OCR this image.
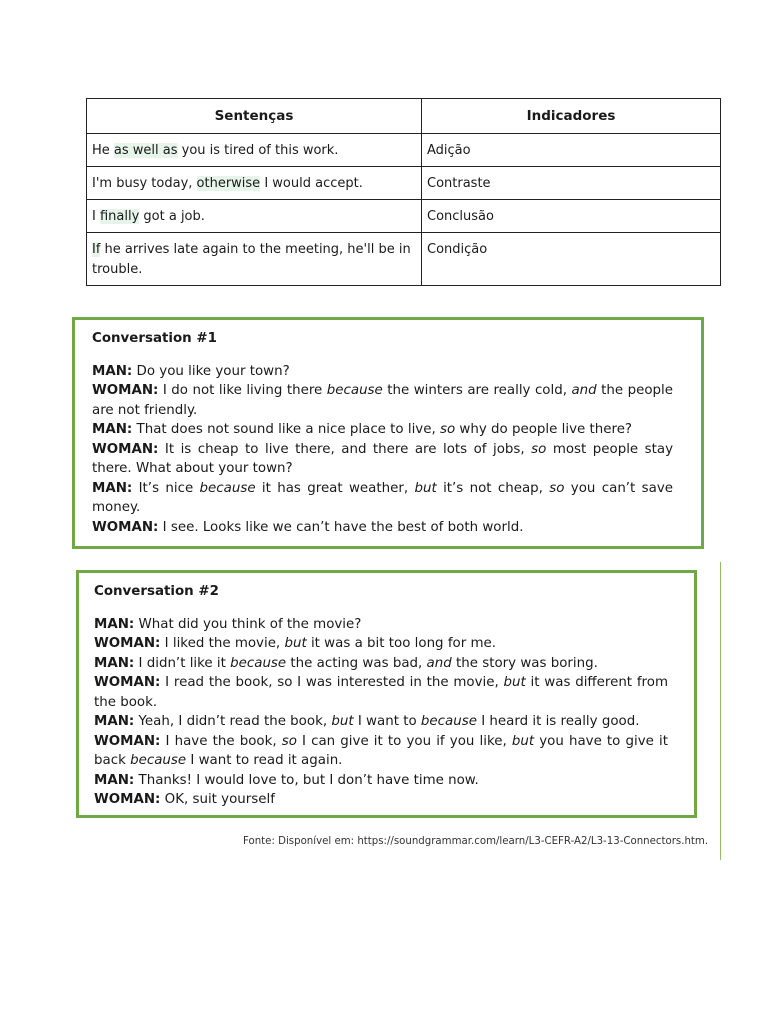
Sentenças	Indicadores
He as well as you is tired of this work.	Adição
I'm busy today, otherwise I would accept.	Contraste
I finally got a job.	Conclusão
If he arrives late again to the meeting, he'll be in trouble.	Condição
Conversation #1

MAN: Do you like your town?

WOMAN: I do not like living there because the winters are really cold, and the people are not friendly.

MAN: That does not sound like a nice place to live, so why do people live there?

WOMAN: It is cheap to live there, and there are lots of jobs, so most people stay there. What about your town?

MAN: It’s nice because it has great weather, but it’s not cheap, so you can’t save money.

WOMAN: I see. Looks like we can’t have the best of both world.

Conversation #2

MAN: What did you think of the movie?

WOMAN: I liked the movie, but it was a bit too long for me.

MAN: I didn’t like it because the acting was bad, and the story was boring.

WOMAN: I read the book, so I was interested in the movie, but it was different from the book.

MAN: Yeah, I didn’t read the book, but I want to because I heard it is really good.

WOMAN: I have the book, so I can give it to you if you like, but you have to give it back because I want to read it again.

MAN: Thanks! I would love to, but I don’t have time now.

WOMAN: OK, suit yourself

Fonte: Disponível em: https://soundgrammar.com/learn/L3-CEFR-A2/L3-13-Connectors.htm.
